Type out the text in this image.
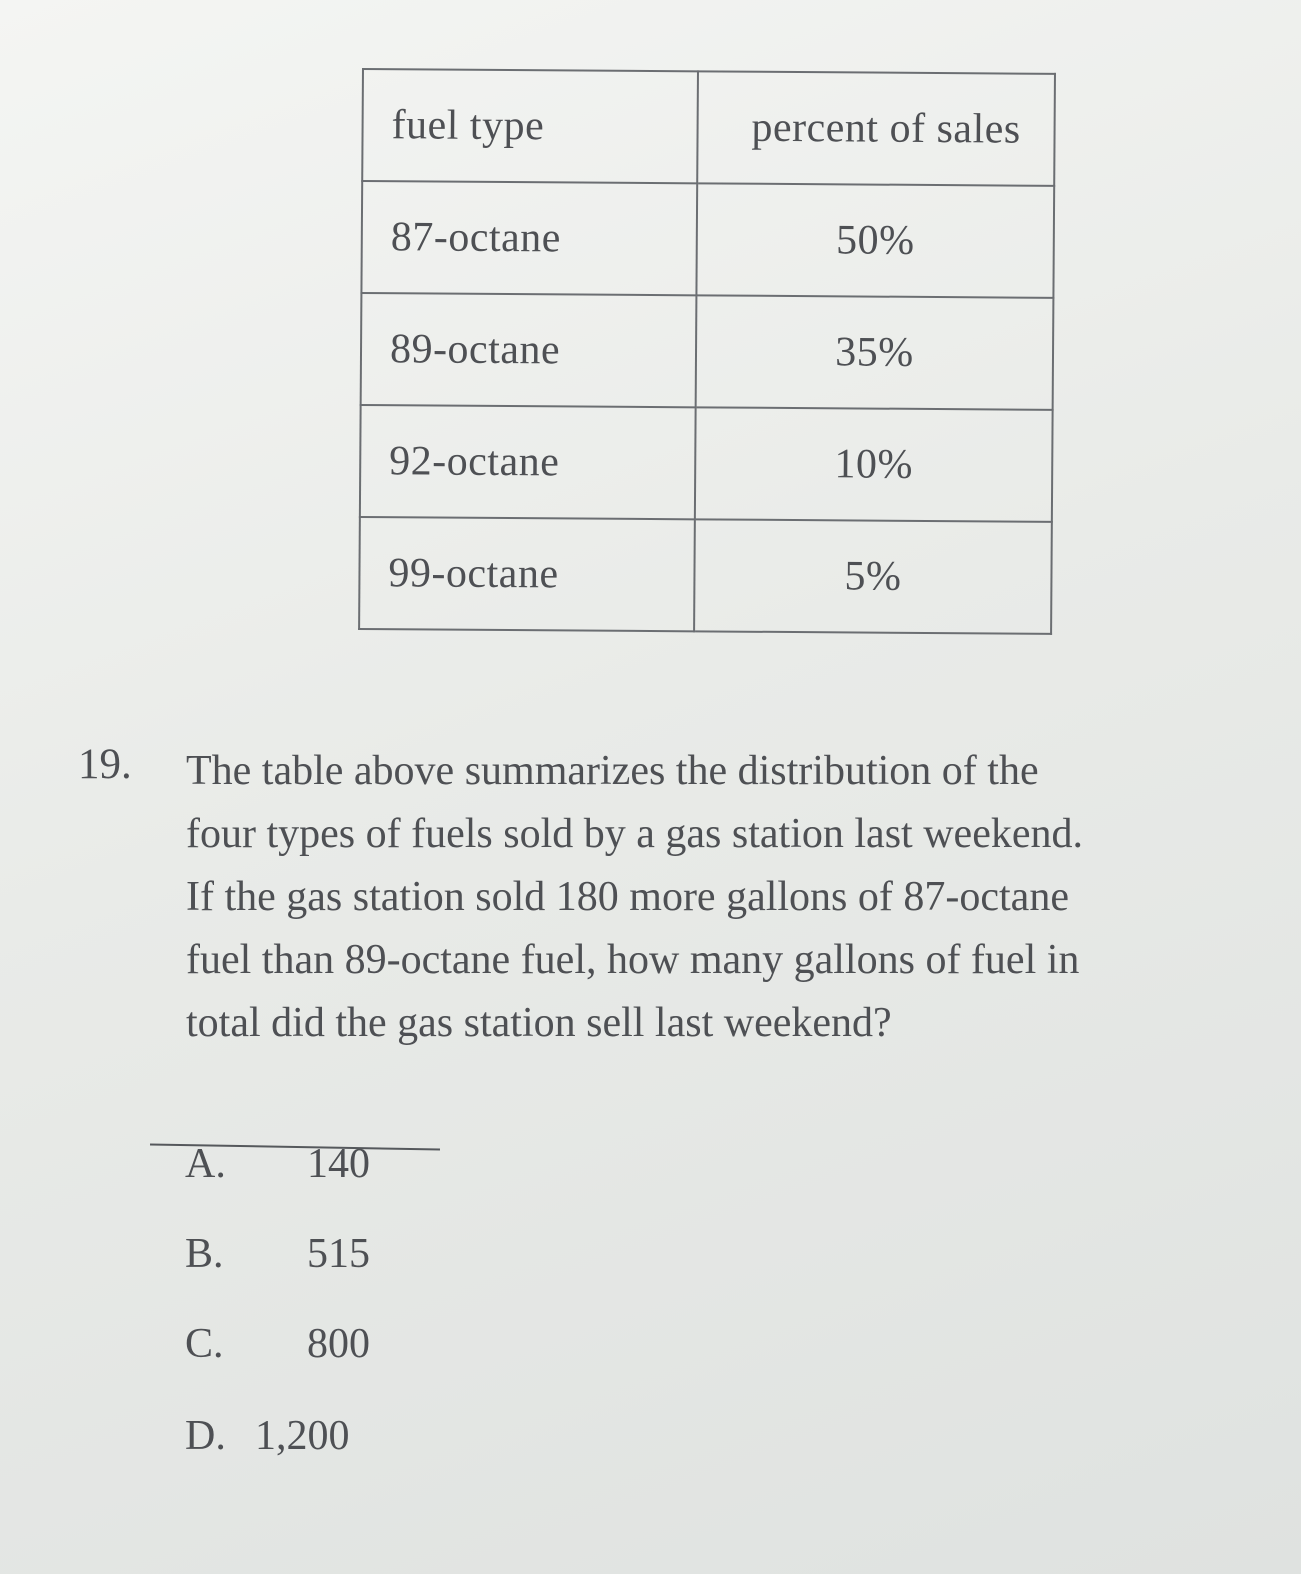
fuel type	percent of sales
87-octane	50%
89-octane	35%
92-octane	10%
99-octane	5%
19. The table above summarizes the distribution of the
four types of fuels sold by a gas station last weekend.
If the gas station sold 180 more gallons of 87-octane
fuel than 89-octane fuel, how many gallons of fuel in
total did the gas station sell last weekend?
A. 140
B. 515
C. 800
D. 1,200
